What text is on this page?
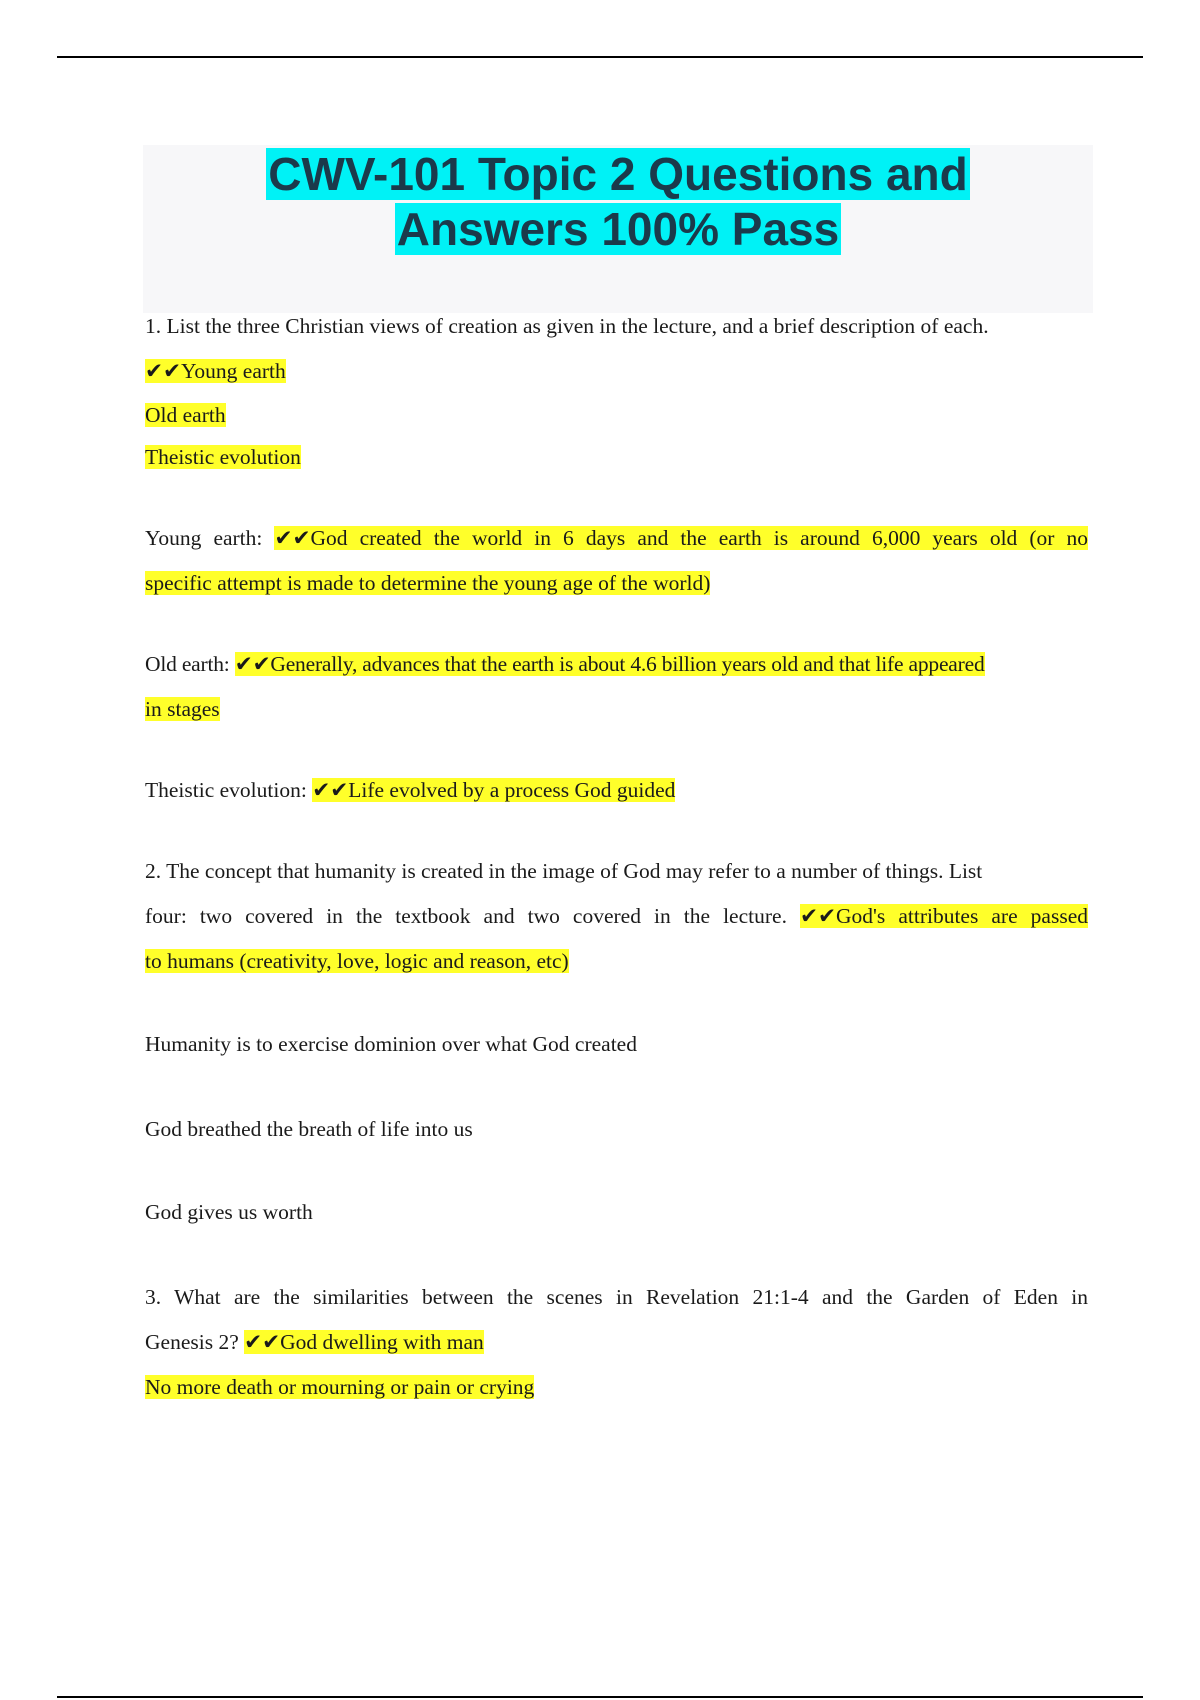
CWV-101 Topic 2 Questions and
Answers 100% Pass

1. List the three Christian views of creation as given in the lecture, and a brief description of each.

✔✔Young earth

Old earth

Theistic evolution

Young earth: ✔✔God created the world in 6 days and the earth is around 6,000 years old (or no

specific attempt is made to determine the young age of the world)

Old earth: ✔✔Generally, advances that the earth is about 4.6 billion years old and that life appeared

in stages

Theistic evolution: ✔✔Life evolved by a process God guided

2. The concept that humanity is created in the image of God may refer to a number of things. List

four: two covered in the textbook and two covered in the lecture. ✔✔God's attributes are passed

to humans (creativity, love, logic and reason, etc)

Humanity is to exercise dominion over what God created

God breathed the breath of life into us

God gives us worth

3. What are the similarities between the scenes in Revelation 21:1-4 and the Garden of Eden in

Genesis 2? ✔✔God dwelling with man

No more death or mourning or pain or crying
